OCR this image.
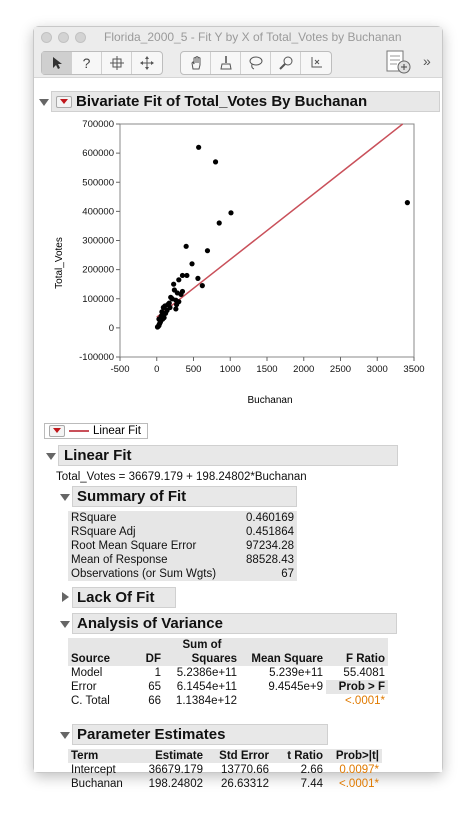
Florida_2000_5 - Fit Y by X of Total_Votes by Buchanan
?	»
Bivariate Fit of Total_Votes By Buchanan
Total_Votes
Buchanan
-500	0	500 1000 1500 2000 2500 3000 3500
-100000
0
100000
200000
300000
400000
500000
600000
700000
Linear Fit
Linear Fit
Total_Votes = 36679.179 + 198.24802*Buchanan
Summary of Fit
RSquare	0.460169
RSquare Adj	0.451864
Root Mean Square Error	97234.28
Mean of Response	88528.43
Observations (or Sum Wgts)	67
Lack Of Fit
Analysis of Variance
		Sum of		
Source	DF	Squares	Mean Square	F Ratio
Model	1	5.2386e+11	5.239e+11	55.4081
Error	65	6.1454e+11	9.4545e+9	Prob > F
C. Total	66	1.1384e+12		<.0001*
Parameter Estimates
Term	Estimate	Std Error	t Ratio	Prob>|t|
Intercept	36679.179	13770.66	2.66	0.0097*
Buchanan	198.24802	26.63312	7.44	<.0001*
